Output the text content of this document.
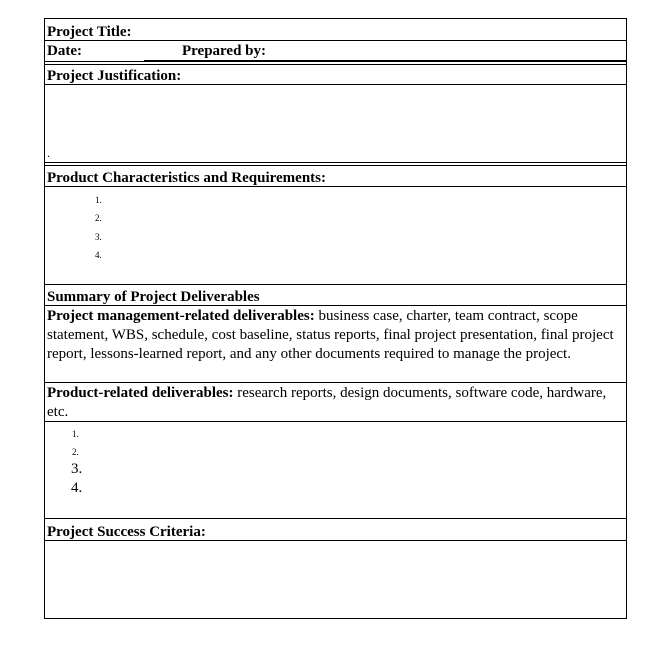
Project Title:
Date:	Prepared by:
Project Justification:
.
Product Characteristics and Requirements:
1.
2.
3.
4.
Summary of Project Deliverables
Project management-related deliverables: business case, charter, team contract, scope statement, WBS, schedule, cost baseline, status reports, final project presentation, final project report, lessons-learned report, and any other documents required to manage the project.
Product-related deliverables: research reports, design documents, software code, hardware, etc.
1.
2.
3.
4.
Project Success Criteria:
